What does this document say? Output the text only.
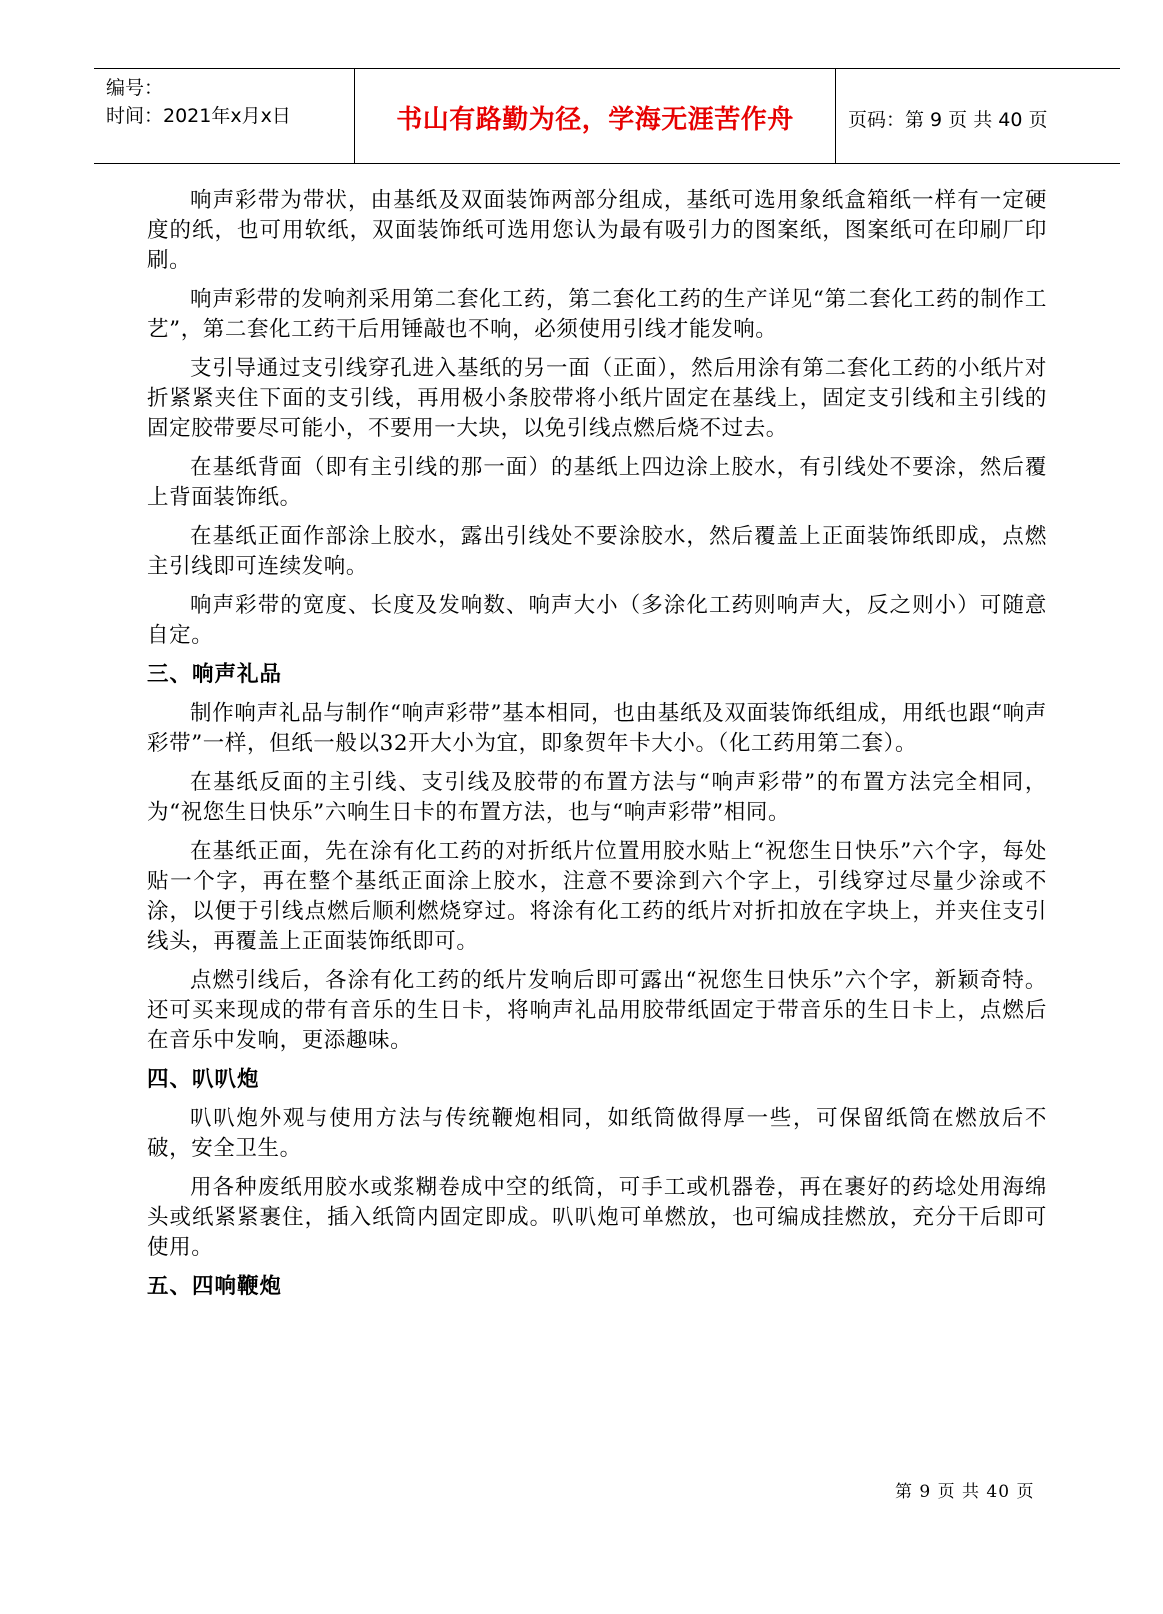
编号：
时间：2021年x月x日	书山有路勤为径，学海无涯苦作舟	页码：第 9 页 共 40 页

响声彩带为带状，由基纸及双面装饰两部分组成，基纸可选用象纸盒箱纸一样有一定硬度的纸，也可用软纸，双面装饰纸可选用您认为最有吸引力的图案纸，图案纸可在印刷厂印刷。

响声彩带的发响剂采用第二套化工药，第二套化工药的生产详见“第二套化工药的制作工艺”，第二套化工药干后用锤敲也不响，必须使用引线才能发响。

支引导通过支引线穿孔进入基纸的另一面（正面），然后用涂有第二套化工药的小纸片对折紧紧夹住下面的支引线，再用极小条胶带将小纸片固定在基线上，固定支引线和主引线的固定胶带要尽可能小，不要用一大块，以免引线点燃后烧不过去。

在基纸背面（即有主引线的那一面）的基纸上四边涂上胶水，有引线处不要涂，然后覆上背面装饰纸。

在基纸正面作部涂上胶水，露出引线处不要涂胶水，然后覆盖上正面装饰纸即成，点燃主引线即可连续发响。

响声彩带的宽度、长度及发响数、响声大小（多涂化工药则响声大，反之则小）可随意自定。

三、响声礼品

制作响声礼品与制作“响声彩带”基本相同，也由基纸及双面装饰纸组成，用纸也跟“响声彩带”一样，但纸一般以32开大小为宜，即象贺年卡大小。（化工药用第二套）。

在基纸反面的主引线、支引线及胶带的布置方法与“响声彩带”的布置方法完全相同，为“祝您生日快乐”六响生日卡的布置方法，也与“响声彩带”相同。

在基纸正面，先在涂有化工药的对折纸片位置用胶水贴上“祝您生日快乐”六个字，每处贴一个字，再在整个基纸正面涂上胶水，注意不要涂到六个字上，引线穿过尽量少涂或不涂，以便于引线点燃后顺利燃烧穿过。将涂有化工药的纸片对折扣放在字块上，并夹住支引线头，再覆盖上正面装饰纸即可。

点燃引线后，各涂有化工药的纸片发响后即可露出“祝您生日快乐”六个字，新颖奇特。还可买来现成的带有音乐的生日卡，将响声礼品用胶带纸固定于带音乐的生日卡上，点燃后在音乐中发响，更添趣味。

四、叭叭炮

叭叭炮外观与使用方法与传统鞭炮相同，如纸筒做得厚一些，可保留纸筒在燃放后不破，安全卫生。

用各种废纸用胶水或浆糊卷成中空的纸筒，可手工或机器卷，再在裹好的药埝处用海绵头或纸紧紧裹住，插入纸筒内固定即成。叭叭炮可单燃放，也可编成挂燃放，充分干后即可使用。

五、四响鞭炮
第 9 页 共 40 页
